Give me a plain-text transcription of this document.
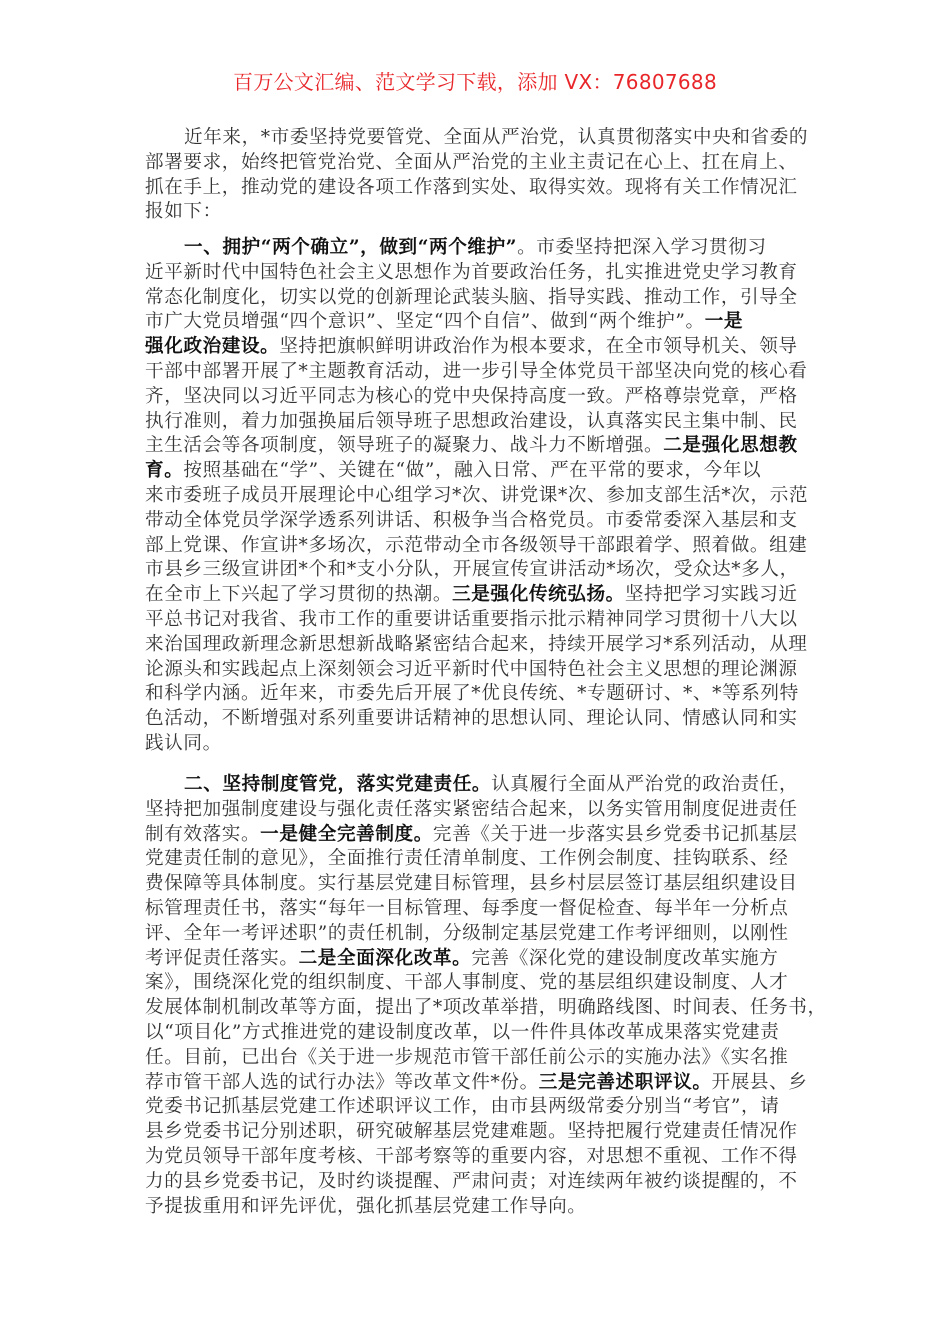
百万公文汇编、范文学习下载，添加 VX：76807688
近年来，*市委坚持党要管党、全面从严治党，认真贯彻落实中央和省委的
部署要求，始终把管党治党、全面从严治党的主业主责记在心上、扛在肩上、
抓在手上，推动党的建设各项工作落到实处、取得实效。现将有关工作情况汇
报如下：
一、拥护“两个确立”，做到“两个维护”。市委坚持把深入学习贯彻习
近平新时代中国特色社会主义思想作为首要政治任务，扎实推进党史学习教育
常态化制度化，切实以党的创新理论武装头脑、指导实践、推动工作，引导全
市广大党员增强“四个意识”、坚定“四个自信”、做到“两个维护”。一是
强化政治建设。坚持把旗帜鲜明讲政治作为根本要求，在全市领导机关、领导
干部中部署开展了*主题教育活动，进一步引导全体党员干部坚决向党的核心看
齐，坚决同以习近平同志为核心的党中央保持高度一致。严格尊崇党章，严格
执行准则，着力加强换届后领导班子思想政治建设，认真落实民主集中制、民
主生活会等各项制度，领导班子的凝聚力、战斗力不断增强。二是强化思想教
育。按照基础在“学”、关键在“做”，融入日常、严在平常的要求，今年以
来市委班子成员开展理论中心组学习*次、讲党课*次、参加支部生活*次，示范
带动全体党员学深学透系列讲话、积极争当合格党员。市委常委深入基层和支
部上党课、作宣讲*多场次，示范带动全市各级领导干部跟着学、照着做。组建
市县乡三级宣讲团*个和*支小分队，开展宣传宣讲活动*场次，受众达*多人，
在全市上下兴起了学习贯彻的热潮。三是强化传统弘扬。坚持把学习实践习近
平总书记对我省、我市工作的重要讲话重要指示批示精神同学习贯彻十八大以
来治国理政新理念新思想新战略紧密结合起来，持续开展学习*系列活动，从理
论源头和实践起点上深刻领会习近平新时代中国特色社会主义思想的理论渊源
和科学内涵。近年来，市委先后开展了*优良传统、*专题研讨、*、*等系列特
色活动，不断增强对系列重要讲话精神的思想认同、理论认同、情感认同和实
践认同。
二、坚持制度管党，落实党建责任。认真履行全面从严治党的政治责任，
坚持把加强制度建设与强化责任落实紧密结合起来，以务实管用制度促进责任
制有效落实。一是健全完善制度。完善《关于进一步落实县乡党委书记抓基层
党建责任制的意见》，全面推行责任清单制度、工作例会制度、挂钩联系、经
费保障等具体制度。实行基层党建目标管理，县乡村层层签订基层组织建设目
标管理责任书，落实“每年一目标管理、每季度一督促检查、每半年一分析点
评、全年一考评述职”的责任机制，分级制定基层党建工作考评细则，以刚性
考评促责任落实。二是全面深化改革。完善《深化党的建设制度改革实施方
案》，围绕深化党的组织制度、干部人事制度、党的基层组织建设制度、人才
发展体制机制改革等方面，提出了*项改革举措，明确路线图、时间表、任务书，
以“项目化”方式推进党的建设制度改革，以一件件具体改革成果落实党建责
任。目前，已出台《关于进一步规范市管干部任前公示的实施办法》《实名推
荐市管干部人选的试行办法》等改革文件*份。三是完善述职评议。开展县、乡
党委书记抓基层党建工作述职评议工作，由市县两级常委分别当“考官”，请
县乡党委书记分别述职，研究破解基层党建难题。坚持把履行党建责任情况作
为党员领导干部年度考核、干部考察等的重要内容，对思想不重视、工作不得
力的县乡党委书记，及时约谈提醒、严肃问责；对连续两年被约谈提醒的，不
予提拔重用和评先评优，强化抓基层党建工作导向。
